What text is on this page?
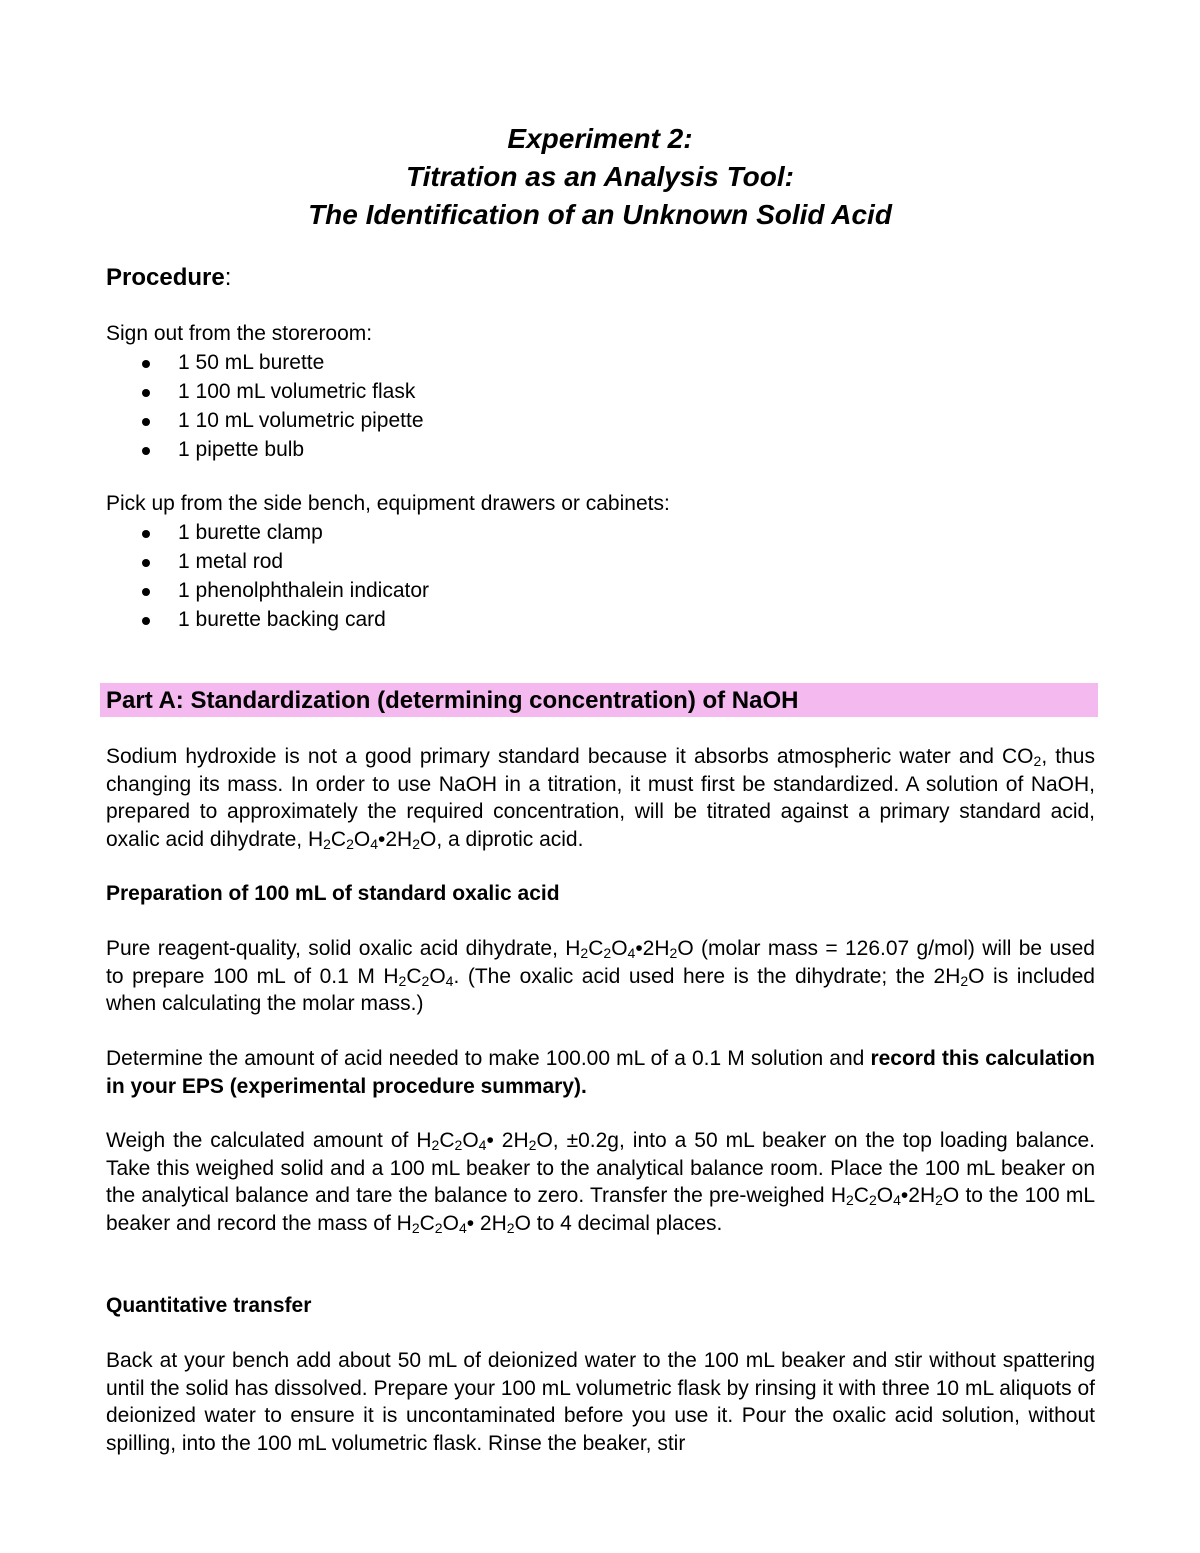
Experiment 2:
Titration as an Analysis Tool:
The Identification of an Unknown Solid Acid
Procedure:
Sign out from the storeroom:
1 50 mL burette
1 100 mL volumetric flask
1 10 mL volumetric pipette
1 pipette bulb
Pick up from the side bench, equipment drawers or cabinets:
1 burette clamp
1 metal rod
1 phenolphthalein indicator
1 burette backing card
Part A: Standardization (determining concentration) of NaOH
Sodium hydroxide is not a good primary standard because it absorbs atmospheric water and $CO_2$, thus changing its mass. In order to use NaOH in a titration, it must first be standardized. A solution of NaOH, prepared to approximately the required concentration, will be titrated against a primary standard acid, oxalic acid dihydrate, $H_2C_2O_4•2H_2O$, a diprotic acid.
Preparation of 100 mL of standard oxalic acid
Pure reagent-quality, solid oxalic acid dihydrate, $H_2C_2O_4•2H_2O$ (molar mass = 126.07 g/mol) will be used to prepare 100 mL of 0.1 M $H_2C_2O_4$. (The oxalic acid used here is the dihydrate; the $2H_2O$ is included when calculating the molar mass.)
Determine the amount of acid needed to make 100.00 mL of a 0.1 M solution and record this calculation in your EPS (experimental procedure summary).
Weigh the calculated amount of $H_2C_2O_4•$ $2H_2O$, ±0.2g, into a 50 mL beaker on the top loading balance. Take this weighed solid and a 100 mL beaker to the analytical balance room. Place the 100 mL beaker on the analytical balance and tare the balance to zero. Transfer the pre-weighed $H_2C_2O_4•2H_2O$ to the 100 mL beaker and record the mass of $H_2C_2O_4•$ $2H_2O$ to 4 decimal places.
Quantitative transfer
Back at your bench add about 50 mL of deionized water to the 100 mL beaker and stir without spattering until the solid has dissolved. Prepare your 100 mL volumetric flask by rinsing it with three 10 mL aliquots of deionized water to ensure it is uncontaminated before you use it. Pour the oxalic acid solution, without spilling, into the 100 mL volumetric flask. Rinse the beaker, stir
